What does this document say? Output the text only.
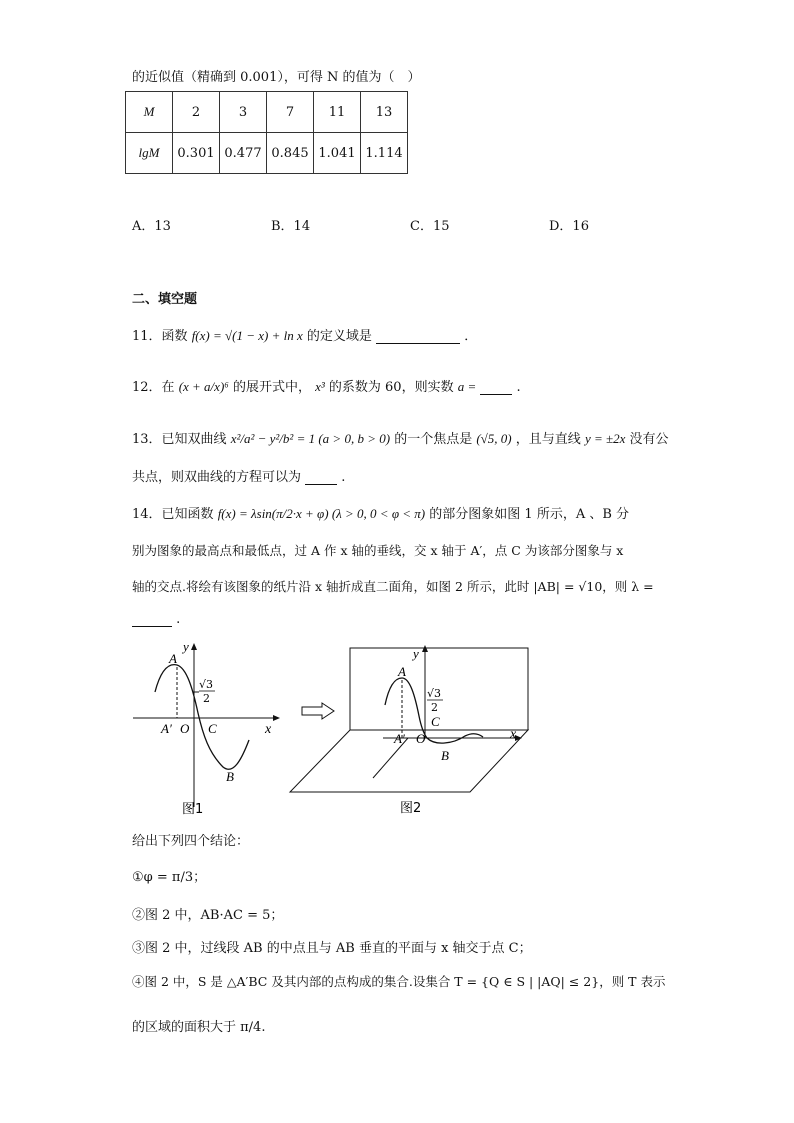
的近似值（精确到 0.001），可得 N 的值为（　）
M	2	3	7	11	13
lgM	0.301	0.477	0.845	1.041	1.114
A．13	B．14	C．15	D．16
二、填空题
11．函数 f(x) = √(1 − x) + ln x 的定义域是	．
12．在 (x + a/x)⁶ 的展开式中， x³ 的系数为 60，则实数 a =	.
13．已知双曲线 x²/a² − y²/b² = 1 (a > 0, b > 0) 的一个焦点是 (√5, 0) ，且与直线 y = ±2x 没有公
共点，则双曲线的方程可以为	.
14．已知函数 f(x) = λsin(π/2·x + φ) (λ > 0, 0 < φ < π) 的部分图象如图 1 所示，A 、B 分
别为图象的最高点和最低点，过 A 作 x 轴的垂线，交 x 轴于 A′，点 C 为该部分图象与 x
轴的交点.将绘有该图象的纸片沿 x 轴折成直二面角，如图 2 所示，此时 |AB| = √10，则 λ =
.
y
x
A
A′ O C
B
√3
2
图1
y
x
A
A′ O
C
B
√3
2
图2
给出下列四个结论：
①φ = π/3；
②图 2 中，AB·AC = 5；
③图 2 中，过线段 AB 的中点且与 AB 垂直的平面与 x 轴交于点 C；
④图 2 中，S 是 △A′BC 及其内部的点构成的集合.设集合 T = {Q ∈ S | |AQ| ≤ 2}，则 T 表示
的区域的面积大于 π/4.
